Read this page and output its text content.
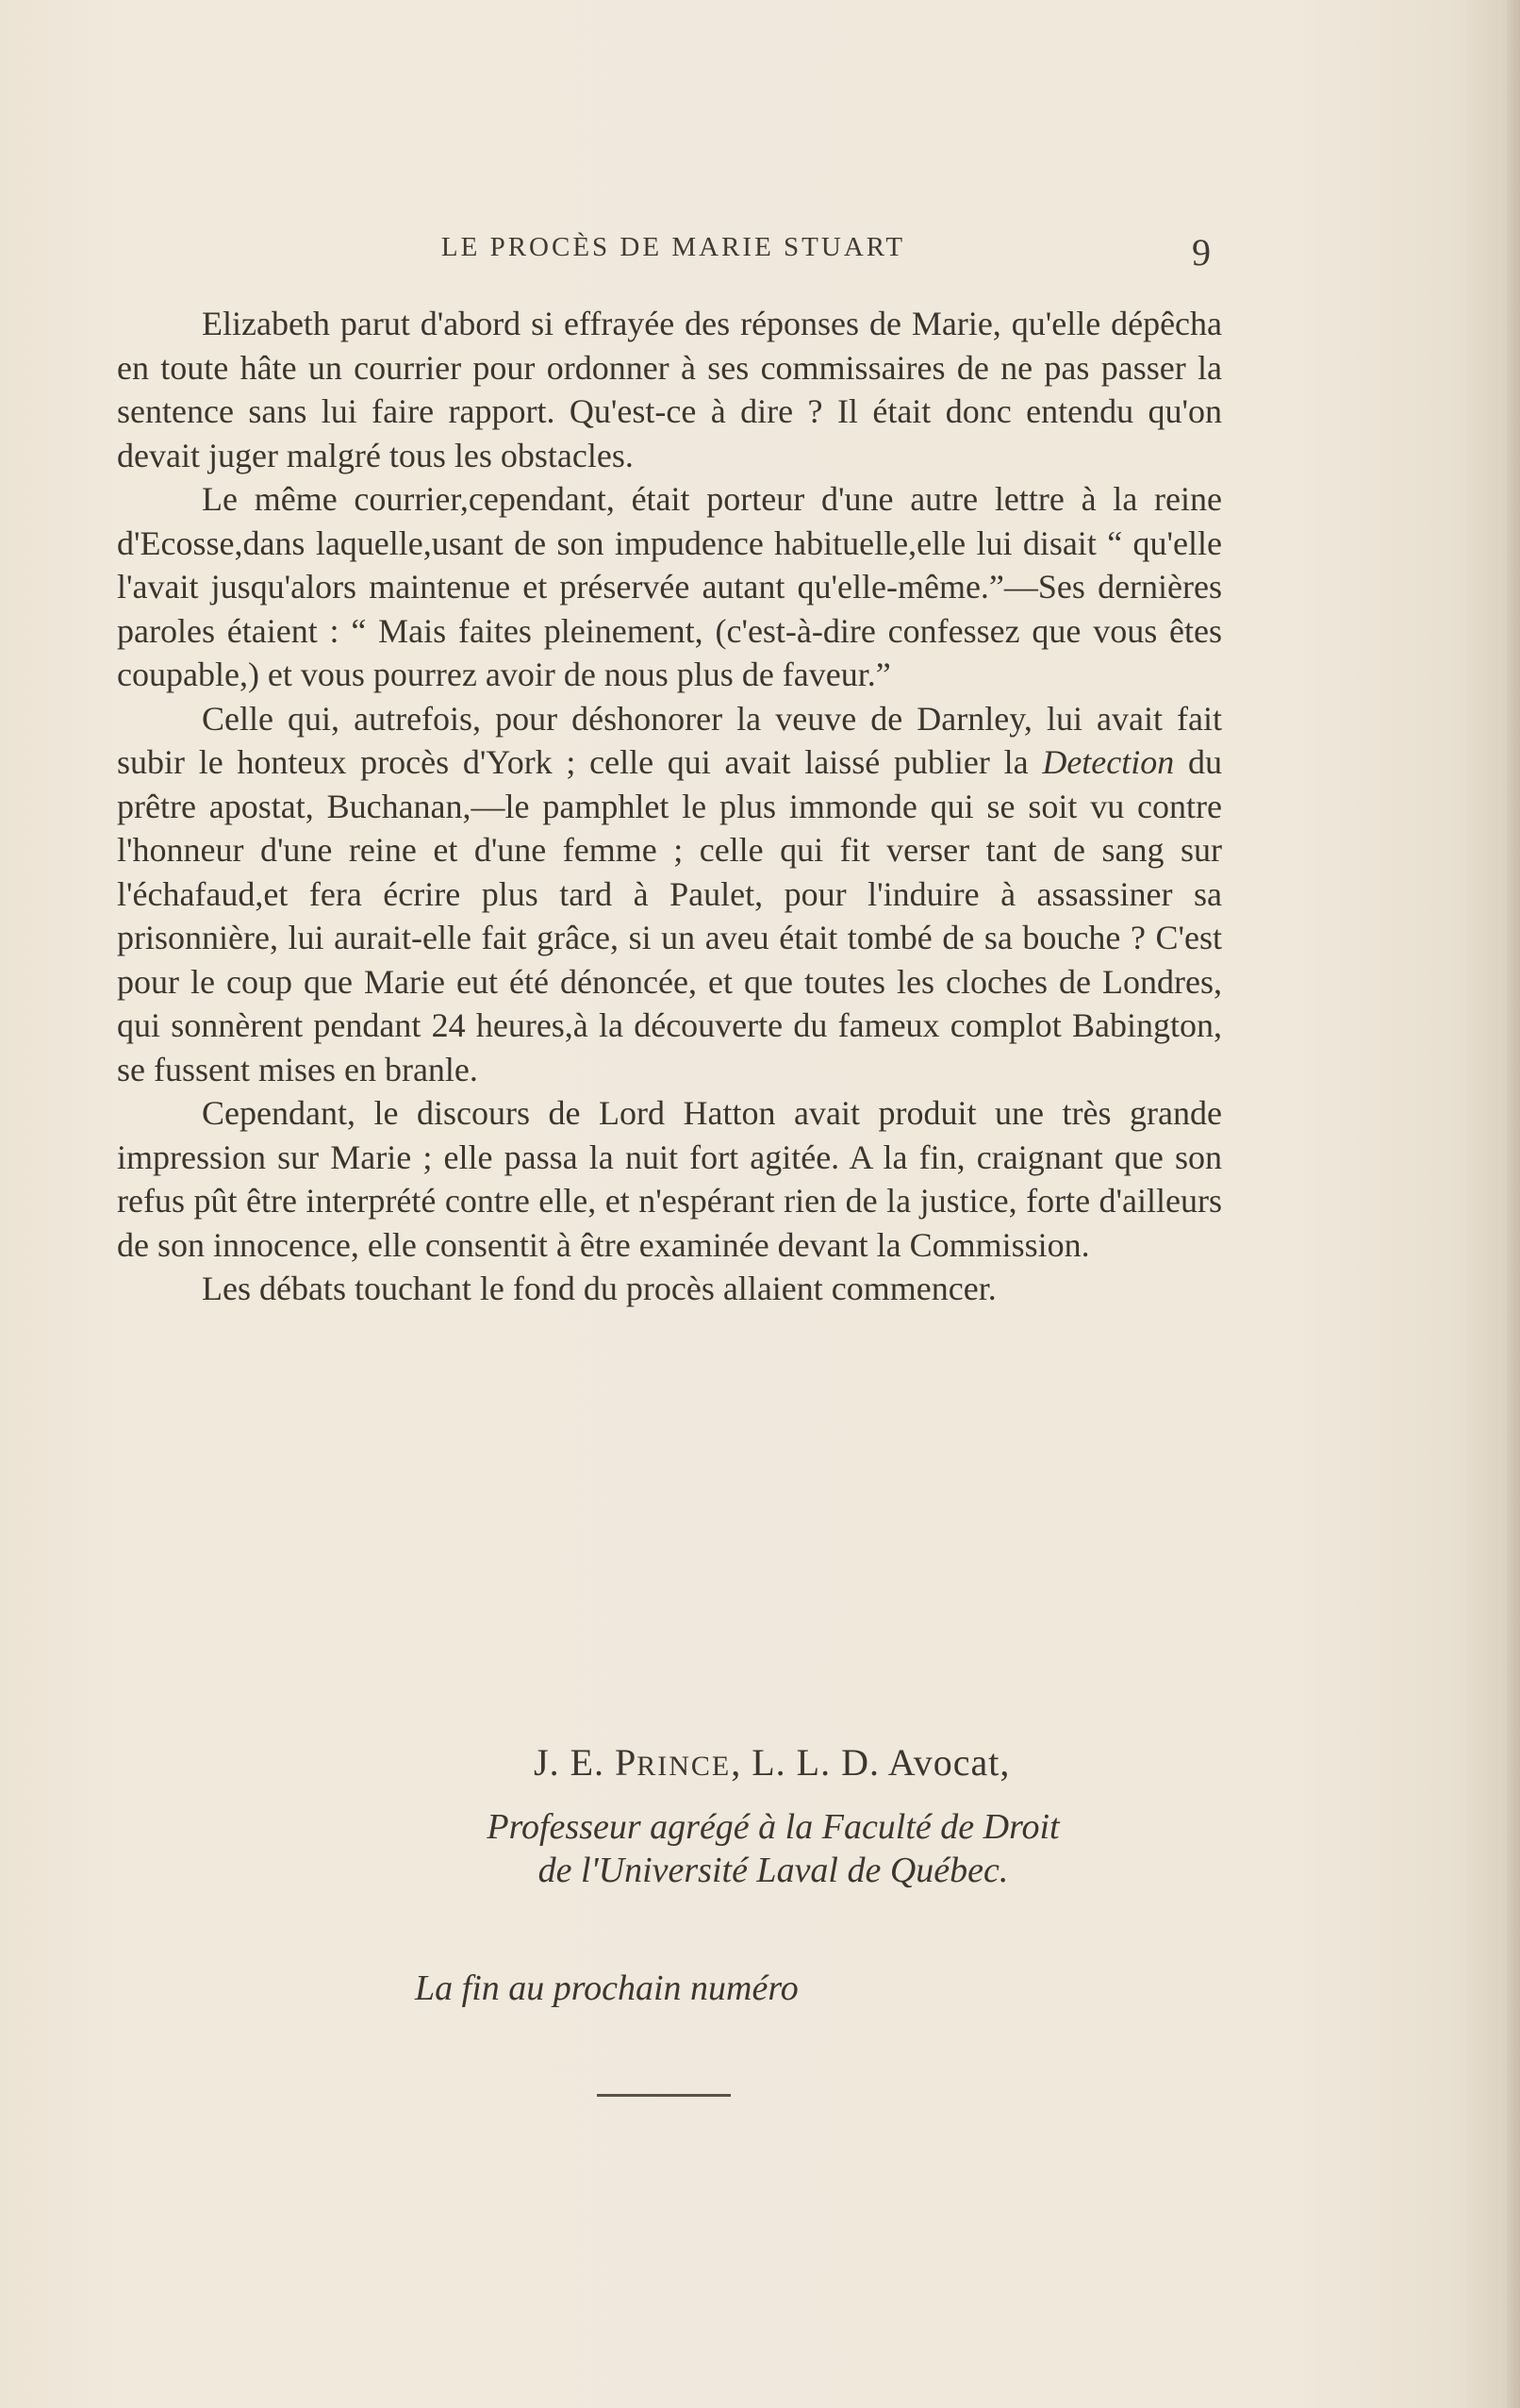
LE PROCÈS DE MARIE STUART	9

Elizabeth parut d'abord si effrayée des réponses de Marie, qu'elle dépêcha en toute hâte un courrier pour ordonner à ses commissaires de ne pas passer la sentence sans lui faire rapport. Qu'est-ce à dire ? Il était donc entendu qu'on devait juger malgré tous les obstacles.

Le même courrier,cependant, était porteur d'une autre lettre à la reine d'Ecosse,dans laquelle,usant de son impudence habituelle,elle lui disait “ qu'elle l'avait jusqu'alors maintenue et préservée autant qu'elle-même.”—Ses dernières paroles étaient : “ Mais faites pleinement, (c'est-à-dire confessez que vous êtes coupable,) et vous pourrez avoir de nous plus de faveur.”

Celle qui, autrefois, pour déshonorer la veuve de Darnley, lui avait fait subir le honteux procès d'York ; celle qui avait laissé publier la Detection du prêtre apostat, Buchanan,—le pamphlet le plus immonde qui se soit vu contre l'honneur d'une reine et d'une femme ; celle qui fit verser tant de sang sur l'échafaud,et fera écrire plus tard à Paulet, pour l'induire à assassiner sa prisonnière, lui aurait-elle fait grâce, si un aveu était tombé de sa bouche ? C'est pour le coup que Marie eut été dénoncée, et que toutes les cloches de Londres, qui sonnèrent pendant 24 heures,à la découverte du fameux complot Babington, se fussent mises en branle.

Cependant, le discours de Lord Hatton avait produit une très grande impression sur Marie ; elle passa la nuit fort agitée. A la fin, craignant que son refus pût être interprété contre elle, et n'espérant rien de la justice, forte d'ailleurs de son innocence, elle consentit à être examinée devant la Commission.

Les débats touchant le fond du procès allaient commencer.

J. E. PRINCE, L. L. D. Avocat,

Professeur agrégé à la Faculté de Droit
de l'Université Laval de Québec.
La fin au prochain numéro
